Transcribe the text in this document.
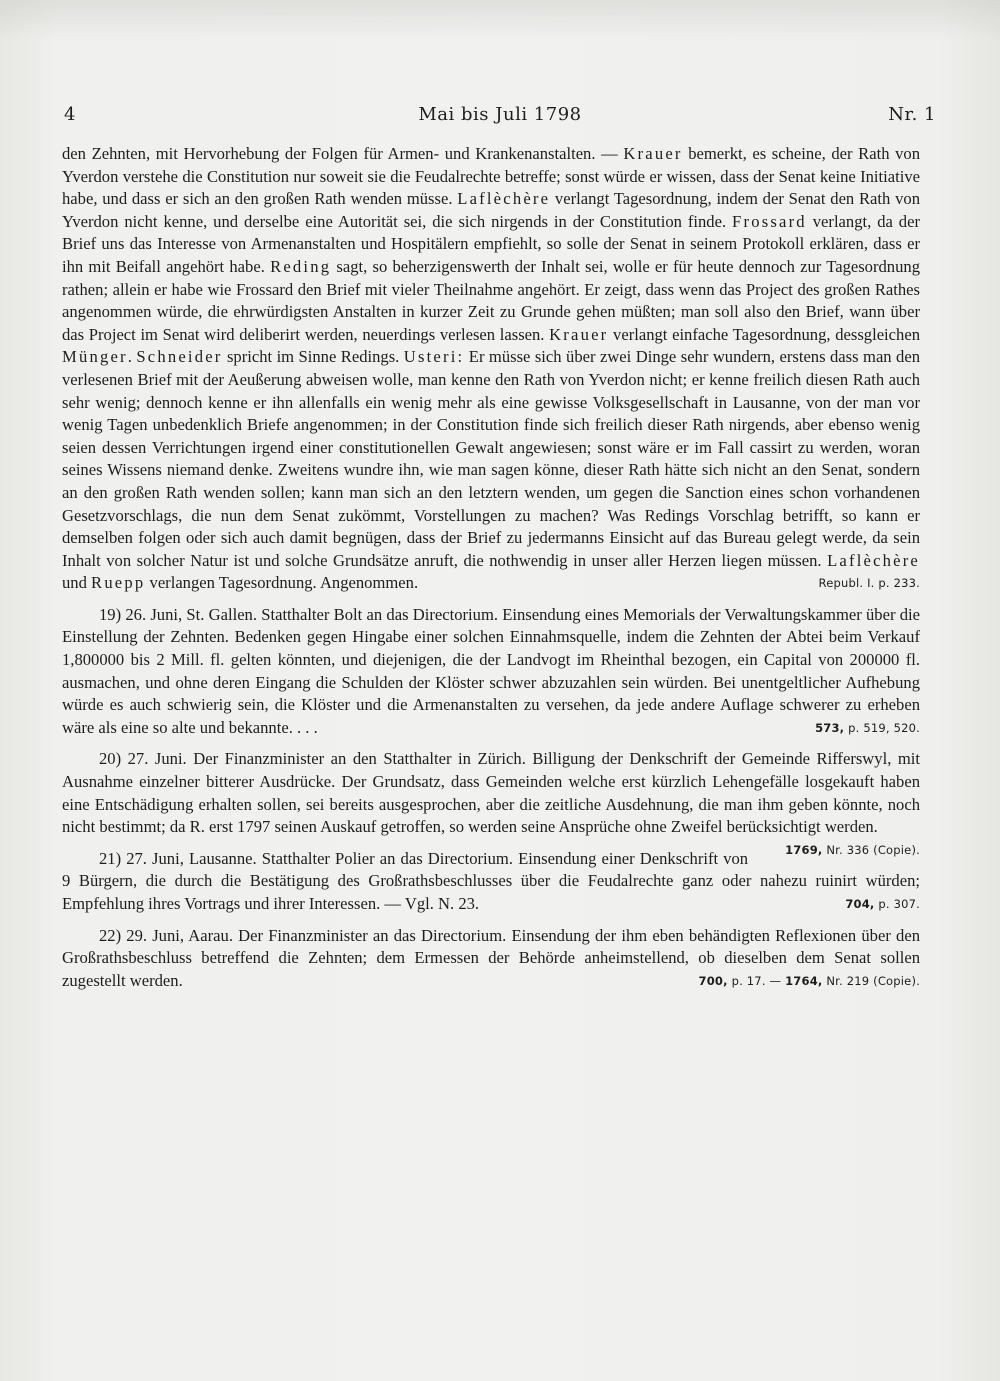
4	Mai bis Juli 1798	Nr. 1

den Zehnten, mit Hervorhebung der Folgen für Armen- und Krankenanstalten. — Krauer bemerkt, es scheine, der Rath von Yverdon verstehe die Constitution nur soweit sie die Feudalrechte betreffe; sonst würde er wissen, dass der Senat keine Initiative habe, und dass er sich an den großen Rath wenden müsse. Laflèchère verlangt Tagesordnung, indem der Senat den Rath von Yverdon nicht kenne, und derselbe eine Autorität sei, die sich nirgends in der Constitution finde. Frossard verlangt, da der Brief uns das Interesse von Armenanstalten und Hospitälern empfiehlt, so solle der Senat in seinem Protokoll erklären, dass er ihn mit Beifall angehört habe. Reding sagt, so beherzigenswerth der Inhalt sei, wolle er für heute dennoch zur Tagesordnung rathen; allein er habe wie Frossard den Brief mit vieler Theilnahme angehört. Er zeigt, dass wenn das Project des großen Rathes angenommen würde, die ehrwürdigsten Anstalten in kurzer Zeit zu Grunde gehen müßten; man soll also den Brief, wann über das Project im Senat wird deliberirt werden, neuerdings verlesen lassen. Krauer verlangt einfache Tagesordnung, dessgleichen Münger. Schneider spricht im Sinne Redings. Usteri: Er müsse sich über zwei Dinge sehr wundern, erstens dass man den verlesenen Brief mit der Aeußerung abweisen wolle, man kenne den Rath von Yverdon nicht; er kenne freilich diesen Rath auch sehr wenig; dennoch kenne er ihn allenfalls ein wenig mehr als eine gewisse Volksgesellschaft in Lausanne, von der man vor wenig Tagen unbedenklich Briefe angenommen; in der Constitution finde sich freilich dieser Rath nirgends, aber ebenso wenig seien dessen Verrichtungen irgend einer constitutionellen Gewalt angewiesen; sonst wäre er im Fall cassirt zu werden, woran seines Wissens niemand denke. Zweitens wundre ihn, wie man sagen könne, dieser Rath hätte sich nicht an den Senat, sondern an den großen Rath wenden sollen; kann man sich an den letztern wenden, um gegen die Sanction eines schon vorhandenen Gesetzvorschlags, die nun dem Senat zukömmt, Vorstellungen zu machen? Was Redings Vorschlag betrifft, so kann er demselben folgen oder sich auch damit begnügen, dass der Brief zu jedermanns Einsicht auf das Bureau gelegt werde, da sein Inhalt von solcher Natur ist und solche Grundsätze anruft, die nothwendig in unser aller Herzen liegen müssen. Laflèchère und Ruepp verlangen Tagesordnung. Angenommen.	Republ. I. p. 233.

19) 26. Juni, St. Gallen. Statthalter Bolt an das Directorium. Einsendung eines Memorials der Verwaltungskammer über die Einstellung der Zehnten. Bedenken gegen Hingabe einer solchen Einnahmsquelle, indem die Zehnten der Abtei beim Verkauf 1,800000 bis 2 Mill. fl. gelten könnten, und diejenigen, die der Landvogt im Rheinthal bezogen, ein Capital von 200000 fl. ausmachen, und ohne deren Eingang die Schulden der Klöster schwer abzuzahlen sein würden. Bei unentgeltlicher Aufhebung würde es auch schwierig sein, die Klöster und die Armenanstalten zu versehen, da jede andere Auflage schwerer zu erheben wäre als eine so alte und bekannte. . . .	573, p. 519, 520.

20) 27. Juni. Der Finanzminister an den Statthalter in Zürich. Billigung der Denkschrift der Gemeinde Rifferswyl, mit Ausnahme einzelner bitterer Ausdrücke. Der Grundsatz, dass Gemeinden welche erst kürzlich Lehengefälle losgekauft haben eine Entschädigung erhalten sollen, sei bereits ausgesprochen, aber die zeitliche Ausdehnung, die man ihm geben könnte, noch nicht bestimmt; da R. erst 1797 seinen Auskauf getroffen, so werden seine Ansprüche ohne Zweifel berücksichtigt werden.
1769, Nr. 336 (Copie).

21) 27. Juni, Lausanne. Statthalter Polier an das Directorium. Einsendung einer Denkschrift von 9 Bürgern, die durch die Bestätigung des Großrathsbeschlusses über die Feudalrechte ganz oder nahezu ruinirt würden; Empfehlung ihres Vortrags und ihrer Interessen. — Vgl. N. 23.	704, p. 307.

22) 29. Juni, Aarau. Der Finanzminister an das Directorium. Einsendung der ihm eben behändigten Reflexionen über den Großrathsbeschluss betreffend die Zehnten; dem Ermessen der Behörde anheimstellend, ob dieselben dem Senat sollen zugestellt werden.	700, p. 17. — 1764, Nr. 219 (Copie).
